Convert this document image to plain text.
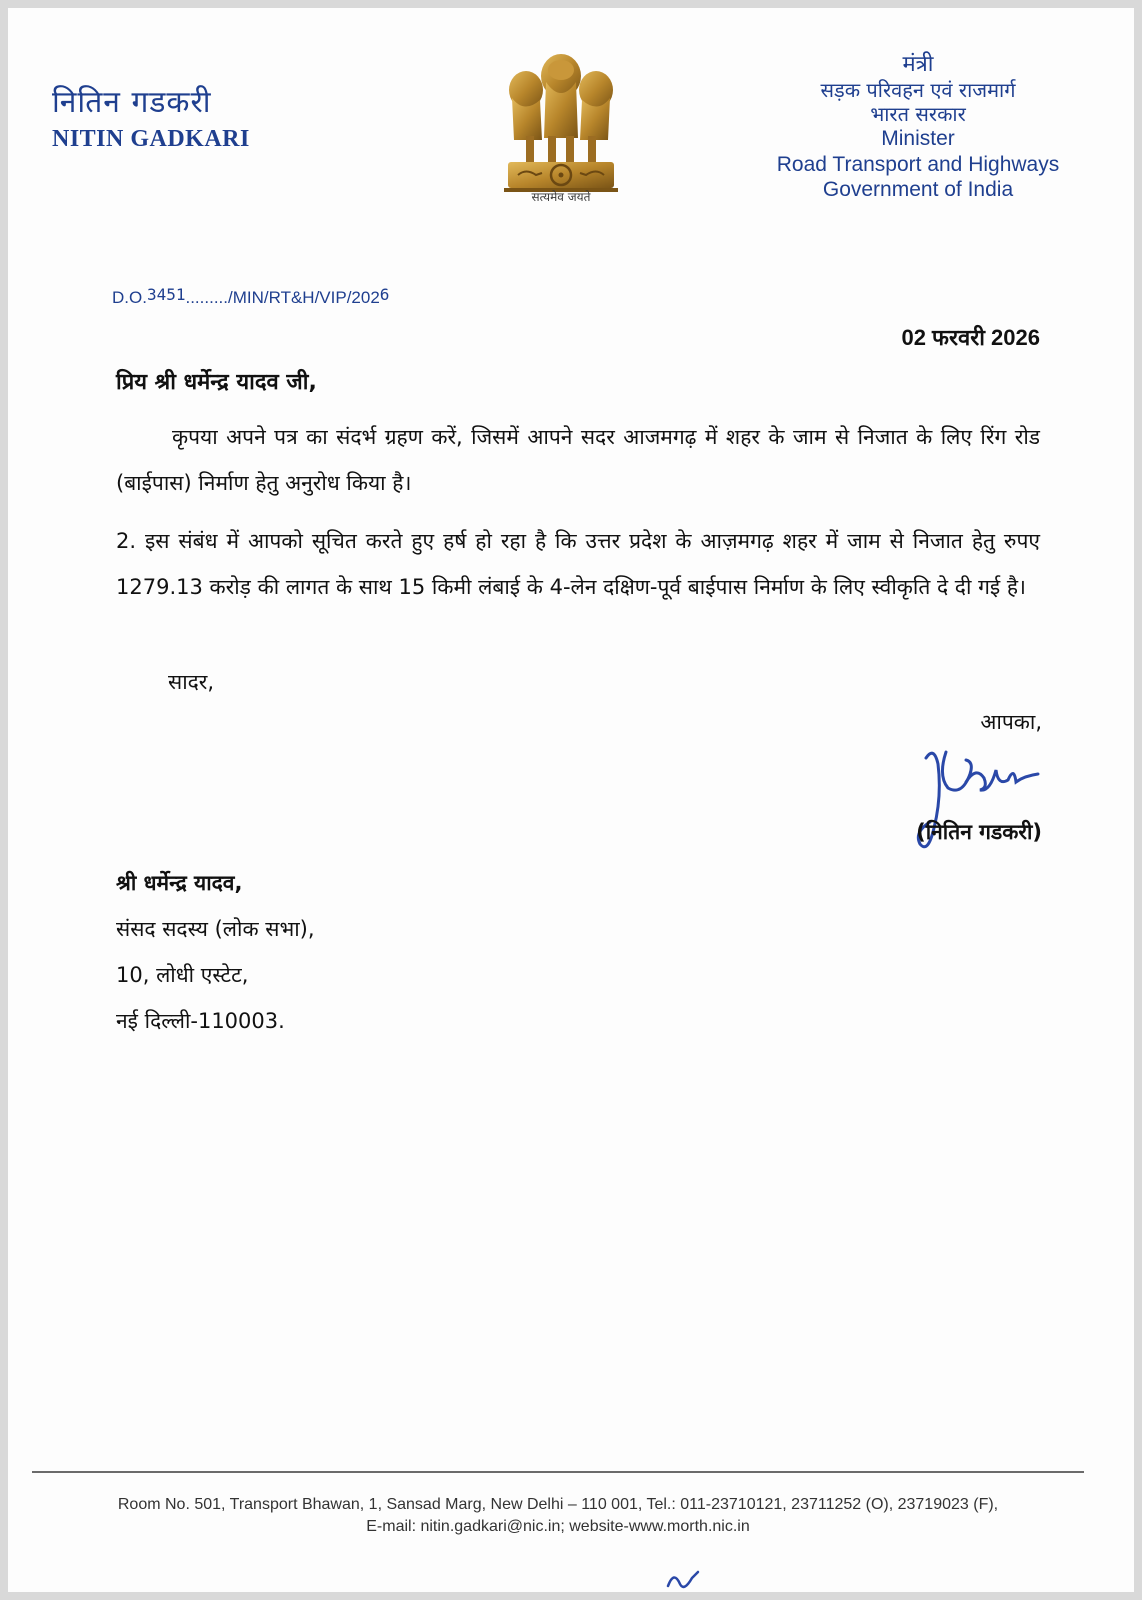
नितिन गडकरी
NITIN GADKARI
सत्यमेव जयते
मंत्री
सड़क परिवहन एवं राजमार्ग
भारत सरकार
Minister
Road Transport and Highways
Government of India
D.O.3451........./MIN/RT&H/VIP/2026
02 फरवरी 2026
प्रिय श्री धर्मेन्द्र यादव जी,
कृपया अपने पत्र का संदर्भ ग्रहण करें, जिसमें आपने सदर आजमगढ़ में शहर के जाम से निजात के लिए रिंग रोड (बाईपास) निर्माण हेतु अनुरोध किया है।
2. इस संबंध में आपको सूचित करते हुए हर्ष हो रहा है कि उत्तर प्रदेश के आज़मगढ़ शहर में जाम से निजात हेतु रुपए 1279.13 करोड़ की लागत के साथ 15 किमी लंबाई के 4-लेन दक्षिण-पूर्व बाईपास निर्माण के लिए स्वीकृति दे दी गई है।
सादर,
आपका,
(नितिन गडकरी)
श्री धर्मेन्द्र यादव,
संसद सदस्य (लोक सभा),
10, लोधी एस्टेट,
नई दिल्ली-110003.
Room No. 501, Transport Bhawan, 1, Sansad Marg, New Delhi – 110 001, Tel.: 011-23710121, 23711252 (O), 23719023 (F),
E-mail: nitin.gadkari@nic.in; website-www.morth.nic.in
